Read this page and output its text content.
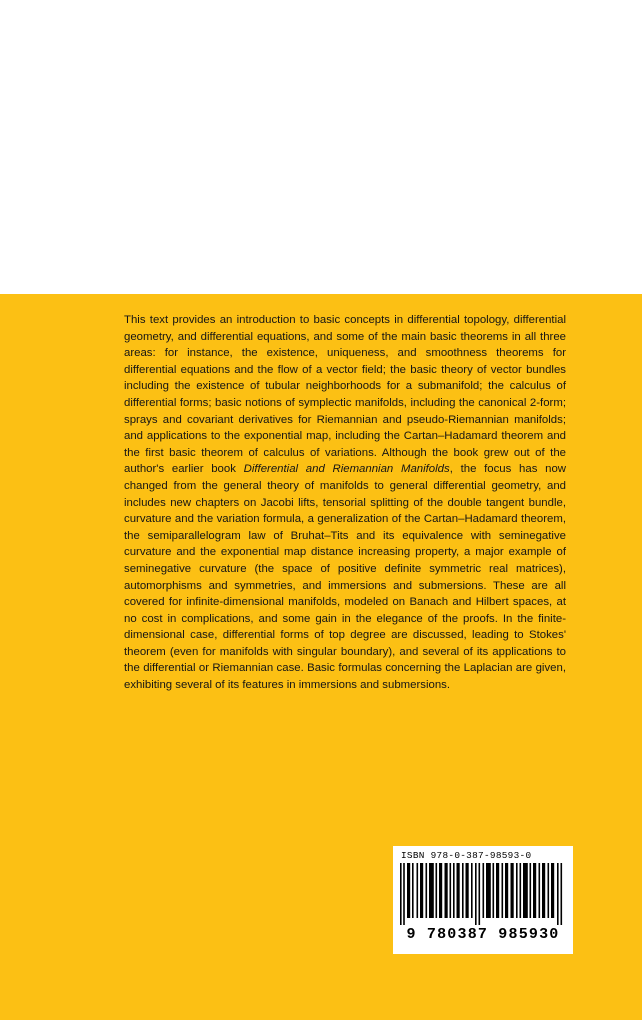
This text provides an introduction to basic concepts in differential topology, differential geometry, and differential equations, and some of the main basic theorems in all three areas: for instance, the existence, uniqueness, and smoothness theorems for differential equations and the flow of a vector field; the basic theory of vector bundles including the existence of tubular neighborhoods for a submanifold; the calculus of differential forms; basic notions of symplectic manifolds, including the canonical 2-form; sprays and covariant derivatives for Riemannian and pseudo-Riemannian manifolds; and applications to the exponential map, including the Cartan–Hadamard theorem and the first basic theorem of calculus of variations. Although the book grew out of the author's earlier book Differential and Riemannian Manifolds, the focus has now changed from the general theory of manifolds to general differential geometry, and includes new chapters on Jacobi lifts, tensorial splitting of the double tangent bundle, curvature and the variation formula, a generalization of the Cartan–Hadamard theorem, the semiparallelogram law of Bruhat–Tits and its equivalence with seminegative curvature and the exponential map distance increasing property, a major example of seminegative curvature (the space of positive definite symmetric real matrices), automorphisms and symmetries, and immersions and submersions. These are all covered for infinite-dimensional manifolds, modeled on Banach and Hilbert spaces, at no cost in complications, and some gain in the elegance of the proofs. In the finite-dimensional case, differential forms of top degree are discussed, leading to Stokes' theorem (even for manifolds with singular boundary), and several of its applications to the differential or Riemannian case. Basic formulas concerning the Laplacian are given, exhibiting several of its features in immersions and submersions.
ISBN 978-0-387-98593-0
9 780387 985930
